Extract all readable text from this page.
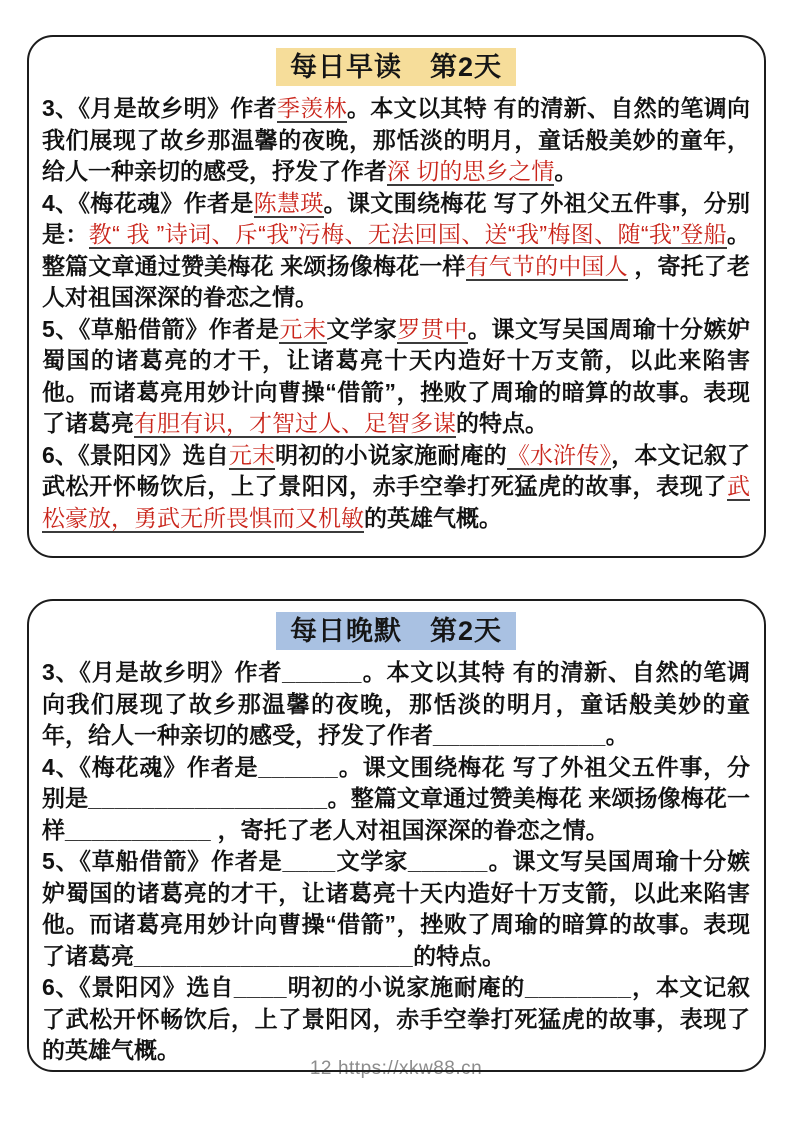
12 https://xkw88.cn
每日早读　第2天

3、《月是故乡明》作者季羡林。本文以其特 有的清新、自然的笔调向我们展现了故乡那温馨的夜晚，那恬淡的明月，童话般美妙的童年，给人一种亲切的感受，抒发了作者深 切的思乡之情。

4、《梅花魂》作者是陈慧瑛。课文围绕梅花 写了外祖父五件事，分别是：教“ 我 ”诗词、斥“我”污梅、无法回国、送“我”梅图、随“我”登船。整篇文章通过赞美梅花 来颂扬像梅花一样有气节的中国人 ，寄托了老人对祖国深深的眷恋之情。

5、《草船借箭》作者是元末文学家罗贯中。课文写吴国周瑜十分嫉妒蜀国的诸葛亮的才干，让诸葛亮十天内造好十万支箭，以此来陷害他。而诸葛亮用妙计向曹操“借箭”，挫败了周瑜的暗算的故事。表现了诸葛亮有胆有识，才智过人、足智多谋的特点。

6、《景阳冈》选自元末明初的小说家施耐庵的《水浒传》，本文记叙了武松开怀畅饮后，上了景阳冈，赤手空拳打死猛虎的故事，表现了武松豪放，勇武无所畏惧而又机敏的英雄气概。

每日晚默　第2天

3、《月是故乡明》作者______。本文以其特 有的清新、自然的笔调向我们展现了故乡那温馨的夜晚，那恬淡的明月，童话般美妙的童年，给人一种亲切的感受，抒发了作者_____________。

4、《梅花魂》作者是______。课文围绕梅花 写了外祖父五件事，分别是__________________。整篇文章通过赞美梅花 来颂扬像梅花一样___________ ，寄托了老人对祖国深深的眷恋之情。

5、《草船借箭》作者是____文学家______。课文写吴国周瑜十分嫉妒蜀国的诸葛亮的才干，让诸葛亮十天内造好十万支箭，以此来陷害他。而诸葛亮用妙计向曹操“借箭”，挫败了周瑜的暗算的故事。表现了诸葛亮_____________________的特点。

6、《景阳冈》选自____明初的小说家施耐庵的________，本文记叙了武松开怀畅饮后，上了景阳冈，赤手空拳打死猛虎的故事，表现了的英雄气概。
